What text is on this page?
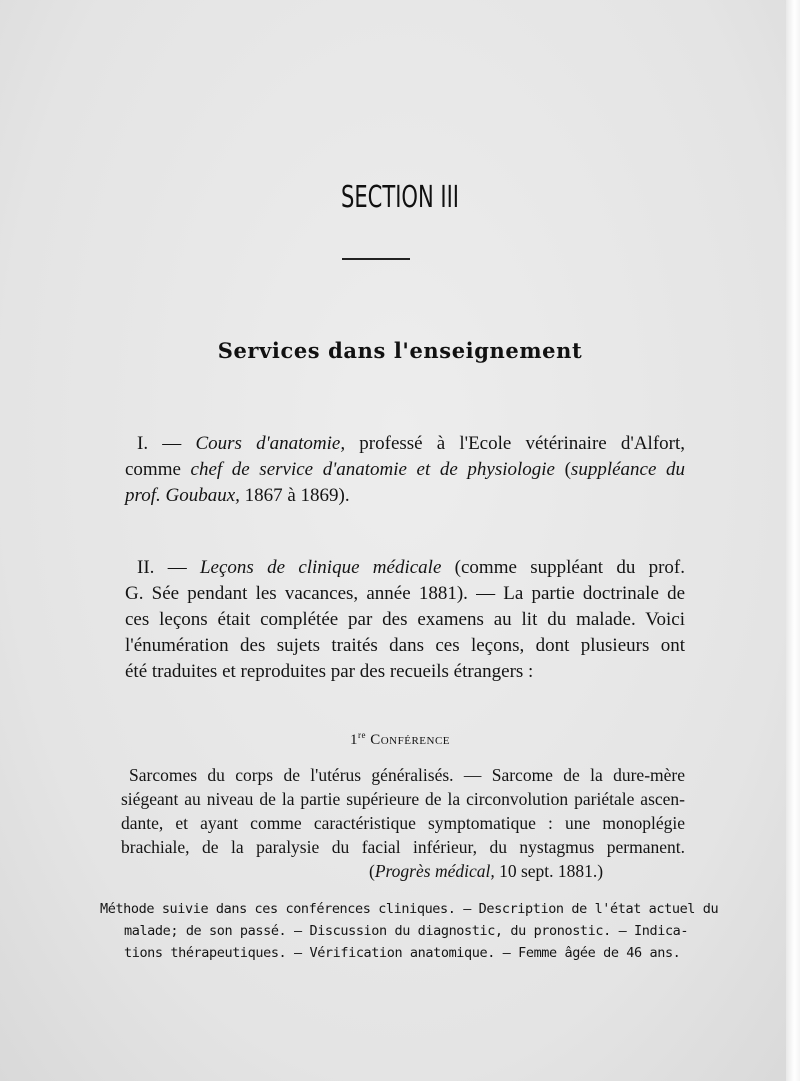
SECTION III
Services dans l'enseignement
I. — Cours d'anatomie, professé à l'Ecole vétérinaire d'Alfort,
comme chef de service d'anatomie et de physiologie (suppléance du
prof. Goubaux, 1867 à 1869).
II. — Leçons de clinique médicale (comme suppléant du prof.
G. Sée pendant les vacances, année 1881). — La partie doctrinale de
ces leçons était complétée par des examens au lit du malade. Voici
l'énumération des sujets traités dans ces leçons, dont plusieurs ont
été traduites et reproduites par des recueils étrangers :
1re Conférence
Sarcomes du corps de l'utérus généralisés. — Sarcome de la dure-mère
siégeant au niveau de la partie supérieure de la circonvolution pariétale ascen-
dante, et ayant comme caractéristique symptomatique : une monoplégie
brachiale, de la paralysie du facial inférieur, du nystagmus permanent.
(Progrès médical, 10 sept. 1881.)
Méthode suivie dans ces conférences cliniques. — Description de l'état actuel du
malade; de son passé. — Discussion du diagnostic, du pronostic. — Indica-
tions thérapeutiques. — Vérification anatomique. — Femme âgée de 46 ans.
